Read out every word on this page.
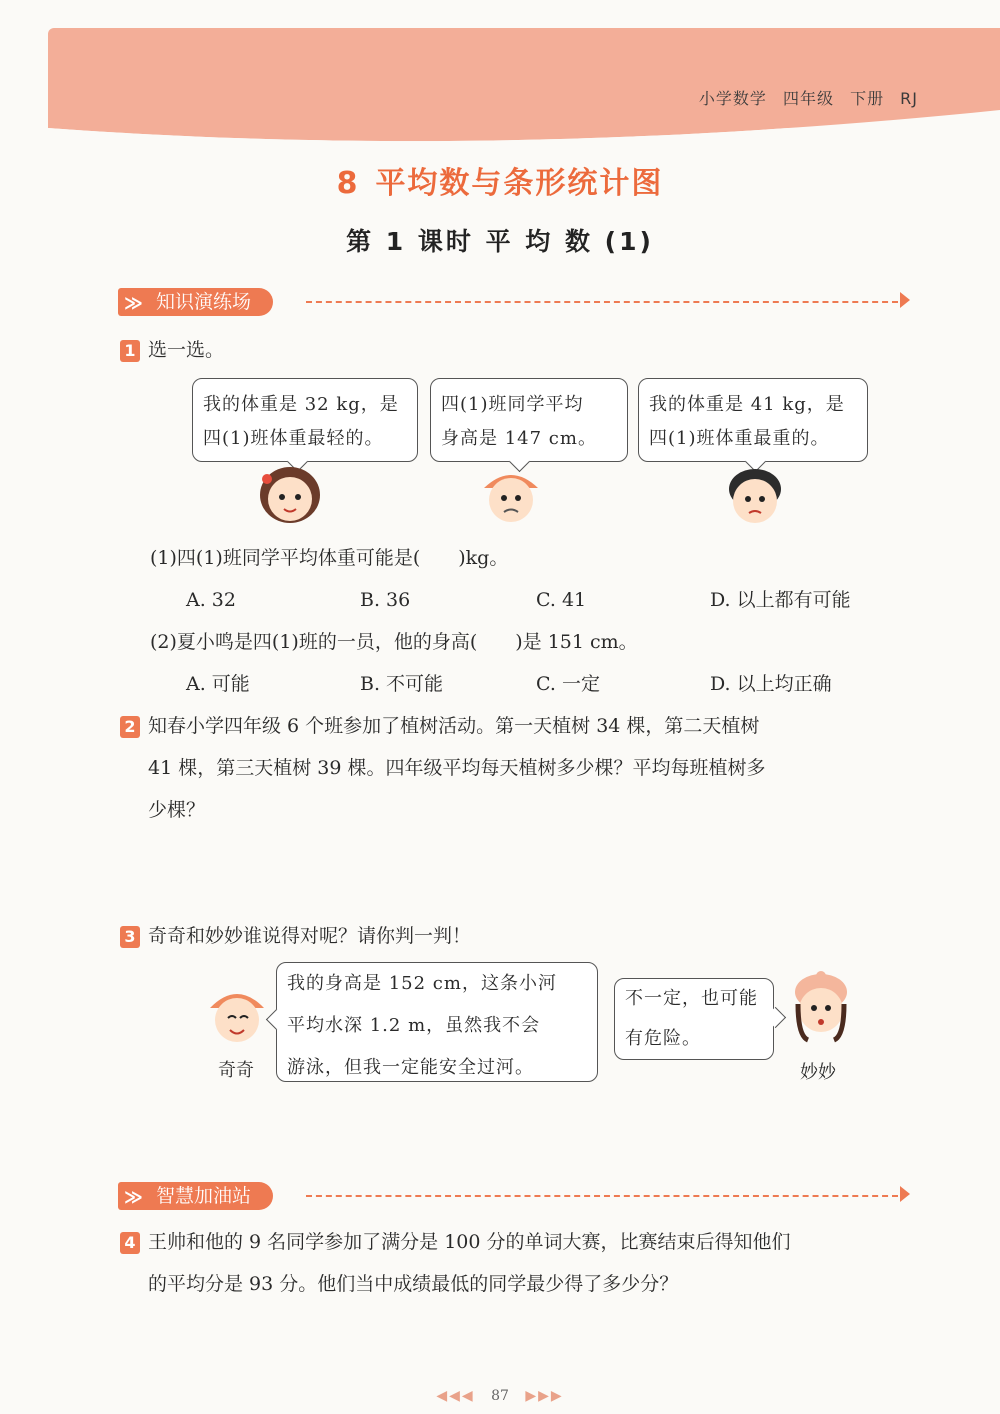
小学数学 四年级 下册 RJ
8 平均数与条形统计图
第 1 课时 平 均 数 (1)
≫ 知识演练场
1 选一选。
我的体重是 32 kg，是
四(1)班体重最轻的。
四(1)班同学平均
身高是 147 cm。
我的体重是 41 kg，是
四(1)班体重最重的。
(1)四(1)班同学平均体重可能是(　　)kg。
A. 32	B. 36	C. 41	D. 以上都有可能
(2)夏小鸣是四(1)班的一员，他的身高(　　)是 151 cm。
A. 可能	B. 不可能	C. 一定	D. 以上均正确
2 知春小学四年级 6 个班参加了植树活动。第一天植树 34 棵，第二天植树
41 棵，第三天植树 39 棵。四年级平均每天植树多少棵？平均每班植树多
少棵？
3 奇奇和妙妙谁说得对呢？请你判一判！
奇奇
我的身高是 152 cm，这条小河
平均水深 1.2 m，虽然我不会
游泳，但我一定能安全过河。
不一定，也可能
有危险。
妙妙
≫ 智慧加油站
4 王帅和他的 9 名同学参加了满分是 100 分的单词大赛，比赛结束后得知他们
的平均分是 93 分。他们当中成绩最低的同学最少得了多少分？
◀◀◀ 87 ▶▶▶
